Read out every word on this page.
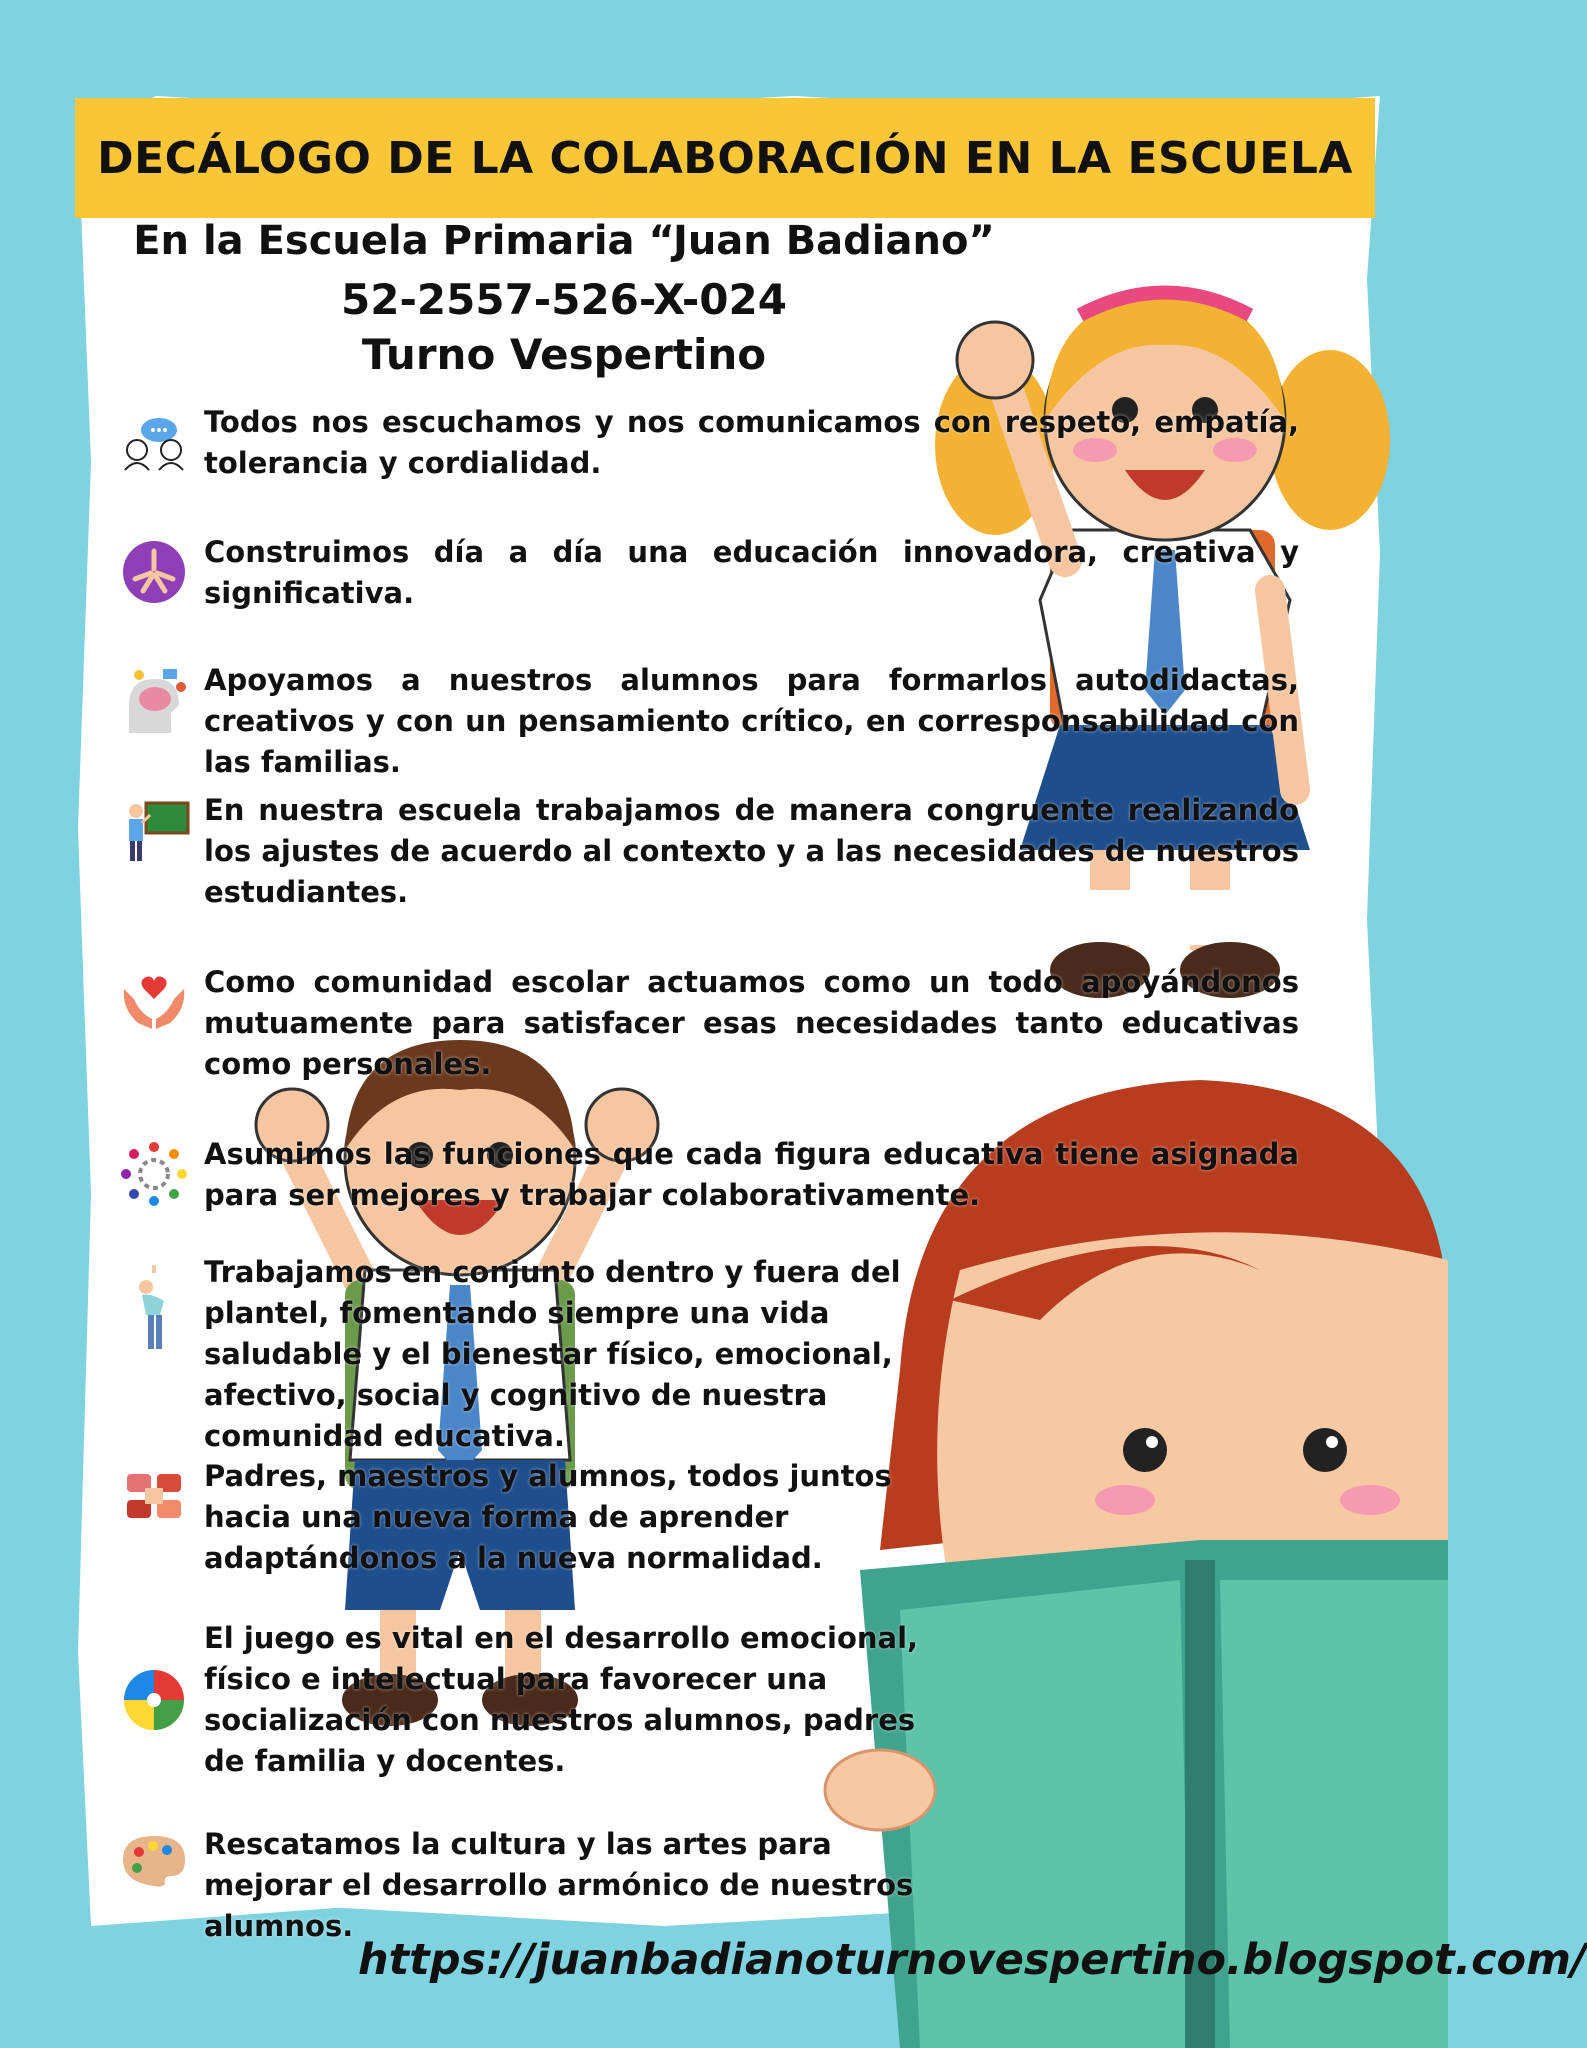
DECÁLOGO DE LA COLABORACIÓN EN LA ESCUELA
En la Escuela Primaria “Juan Badiano”
52-2557-526-X-024
Turno Vespertino
Todos nos escuchamos y nos comunicamos con respeto, empatía, tolerancia y cordialidad.
Construimos día a día una educación innovadora, creativa y significativa.
Apoyamos a nuestros alumnos para formarlos autodidactas, creativos y con un pensamiento crítico, en corresponsabilidad con las familias.
En nuestra escuela trabajamos de manera congruente realizando los ajustes de acuerdo al contexto y a las necesidades de nuestros estudiantes.
Como comunidad escolar actuamos como un todo apoyándonos mutuamente para satisfacer esas necesidades tanto educativas como personales.
Asumimos las funciones que cada figura educativa tiene asignada para ser mejores y trabajar colaborativamente.
Trabajamos en conjunto dentro y fuera del plantel, fomentando siempre una vida saludable y el bienestar físico, emocional, afectivo, social y cognitivo de nuestra comunidad educativa.
Padres, maestros y alumnos, todos juntos hacia una nueva forma de aprender adaptándonos a la nueva normalidad.
El juego es vital en el desarrollo emocional, físico e intelectual para favorecer una socialización con nuestros alumnos, padres de familia y docentes.
Rescatamos la cultura y las artes para mejorar el desarrollo armónico de nuestros alumnos.
https://juanbadianoturnovespertino.blogspot.com/
